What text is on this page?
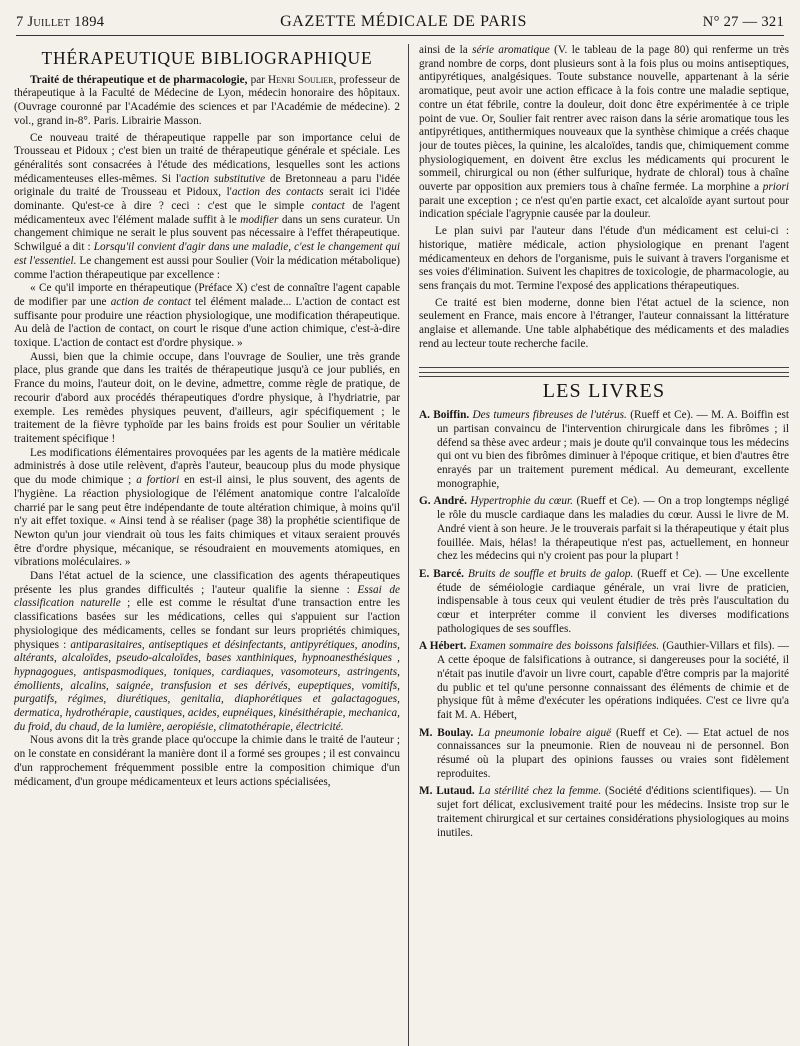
7 Juillet 1894	GAZETTE MÉDICALE DE PARIS	N° 27 — 321
THÉRAPEUTIQUE BIBLIOGRAPHIQUE

Traité de thérapeutique et de pharmacologie, par Henri Soulier, professeur de thérapeutique à la Faculté de Médecine de Lyon, médecin honoraire des hôpitaux. (Ouvrage couronné par l'Académie des sciences et par l'Académie de médecine). 2 vol., grand in-8°. Paris. Librairie Masson.

Ce nouveau traité de thérapeutique rappelle par son importance celui de Trousseau et Pidoux ; c'est bien un traité de thérapeutique générale et spéciale. Les généralités sont consacrées à l'étude des médications, lesquelles sont les actions médicamenteuses elles-mêmes. Si l'action substitutive de Bretonneau a paru l'idée originale du traité de Trousseau et Pidoux, l'action des contacts serait ici l'idée dominante. Qu'est-ce à dire ? ceci : c'est que le simple contact de l'agent médicamenteux avec l'élément malade suffit à le modifier dans un sens curateur. Un changement chimique ne serait le plus souvent pas nécessaire à l'effet thérapeutique. Schwilgué a dit : Lorsqu'il convient d'agir dans une maladie, c'est le changement qui est l'essentiel. Le changement est aussi pour Soulier (Voir la médication métabolique) comme l'action thérapeutique par excellence :

« Ce qu'il importe en thérapeutique (Préface X) c'est de connaître l'agent capable de modifier par une action de contact tel élément malade... L'action de contact est suffisante pour produire une réaction physiologique, une modification thérapeutique. Au delà de l'action de contact, on court le risque d'une action chimique, c'est-à-dire toxique. L'action de contact est d'ordre physique. »

Aussi, bien que la chimie occupe, dans l'ouvrage de Soulier, une très grande place, plus grande que dans les traités de thérapeutique jusqu'à ce jour publiés, en France du moins, l'auteur doit, on le devine, admettre, comme règle de pratique, de recourir d'abord aux procédés thérapeutiques d'ordre physique, à l'hydriatrie, par exemple. Les remèdes physiques peuvent, d'ailleurs, agir spécifiquement ; le traitement de la fièvre typhoïde par les bains froids est pour Soulier un véritable traitement spécifique !

Les modifications élémentaires provoquées par les agents de la matière médicale administrés à dose utile relèvent, d'après l'auteur, beaucoup plus du mode physique que du mode chimique ; a fortiori en est-il ainsi, le plus souvent, des agents de l'hygiène. La réaction physiologique de l'élément anatomique contre l'alcaloïde charrié par le sang peut être indépendante de toute altération chimique, à moins qu'il n'y ait effet toxique. « Ainsi tend à se réaliser (page 38) la prophétie scientifique de Newton qu'un jour viendrait où tous les faits chimiques et vitaux seraient prouvés être d'ordre physique, mécanique, se résoudraient en mouvements atomiques, en vibrations moléculaires. »

Dans l'état actuel de la science, une classification des agents thérapeutiques présente les plus grandes difficultés ; l'auteur qualifie la sienne : Essai de classification naturelle ; elle est comme le résultat d'une transaction entre les classifications basées sur les médications, celles qui s'appuient sur l'action physiologique des médicaments, celles se fondant sur leurs propriétés chimiques, physiques : antiparasitaires, antiseptiques et désinfectants, antipyrétiques, anodins, altérants, alcaloïdes, pseudo-alcaloïdes, bases xanthiniques, hypnoanesthésiques , hypnagogues, antispasmodiques, toniques, cardiaques, vasomoteurs, astringents, émollients, alcalins, saignée, transfusion et ses dérivés, eupeptiques, vomitifs, purgatifs, régimes, diurétiques, genitalia, diaphorétiques et galactagogues, dermatica, hydrothérapie, caustiques, acides, eupnéiques, kinésithérapie, mechanica, du froid, du chaud, de la lumière, aeropiésie, climatothérapie, électricité.

Nous avons dit la très grande place qu'occupe la chimie dans le traité de l'auteur ; on le constate en considérant la manière dont il a formé ses groupes ; il est convaincu d'un rapprochement fréquemment possible entre la composition chimique d'un médicament, d'un groupe médicamenteux et leurs actions spécialisées,

ainsi de la série aromatique (V. le tableau de la page 80) qui renferme un très grand nombre de corps, dont plusieurs sont à la fois plus ou moins antiseptiques, antipyrétiques, analgésiques. Toute substance nouvelle, appartenant à la série aromatique, peut avoir une action efficace à la fois contre une maladie septique, contre un état fébrile, contre la douleur, doit donc être expérimentée à ce triple point de vue. Or, Soulier fait rentrer avec raison dans la série aromatique tous les antipyrétiques, antithermiques nouveaux que la synthèse chimique a créés chaque jour de toutes pièces, la quinine, les alcaloïdes, tandis que, chimiquement comme physiologiquement, en doivent être exclus les médicaments qui procurent le sommeil, chirurgical ou non (éther sulfurique, hydrate de chloral) tous à chaîne ouverte par opposition aux premiers tous à chaîne fermée. La morphine a priori parait une exception ; ce n'est qu'en partie exact, cet alcaloïde ayant surtout pour indication spéciale l'agrypnie causée par la douleur.

Le plan suivi par l'auteur dans l'étude d'un médicament est celui-ci : historique, matière médicale, action physiologique en prenant l'agent médicamenteux en dehors de l'organisme, puis le suivant à travers l'organisme et ses voies d'élimination. Suivent les chapitres de toxicologie, de pharmacologie, au sens français du mot. Termine l'exposé des applications thérapeutiques.

Ce traité est bien moderne, donne bien l'état actuel de la science, non seulement en France, mais encore à l'étranger, l'auteur connaissant la littérature anglaise et allemande. Une table alphabétique des médicaments et des maladies rend au lecteur toute recherche facile.

LES LIVRES

A. Boiffin. Des tumeurs fibreuses de l'utérus. (Rueff et Ce). — M. A. Boiffin est un partisan convaincu de l'intervention chirurgicale dans les fibrômes ; il défend sa thèse avec ardeur ; mais je doute qu'il convainque tous les médecins qui ont vu bien des fibrômes diminuer à l'époque critique, et bien d'autres être enrayés par un traitement purement médical. Au demeurant, excellente monographie,

G. André. Hypertrophie du cœur. (Rueff et Ce). — On a trop longtemps négligé le rôle du muscle cardiaque dans les maladies du cœur. Aussi le livre de M. André vient à son heure. Je le trouverais parfait si la thérapeutique y était plus fouillée. Mais, hélas! la thérapeutique n'est pas, actuellement, en honneur chez les médecins qui n'y croient pas pour la plupart !

E. Barcé. Bruits de souffle et bruits de galop. (Rueff et Ce). — Une excellente étude de séméiologie cardiaque générale, un vrai livre de praticien, indispensable à tous ceux qui veulent étudier de très près l'auscultation du cœur et interpréter comme il convient les diverses modifications pathologiques de ses souffles.

A Hébert. Examen sommaire des boissons falsifiées. (Gauthier-Villars et fils). — A cette époque de falsifications à outrance, si dangereuses pour la société, il n'était pas inutile d'avoir un livre court, capable d'être compris par la majorité du public et tel qu'une personne connaissant des éléments de chimie et de physique fût à même d'exécuter les opérations indiquées. C'est ce livre qu'a fait M. A. Hébert,

M. Boulay. La pneumonie lobaire aiguë (Rueff et Ce). — Etat actuel de nos connaissances sur la pneumonie. Rien de nouveau ni de personnel. Bon résumé où la plupart des opinions fausses ou vraies sont fidèlement reproduites.

M. Lutaud. La stérilité chez la femme. (Société d'éditions scientifiques). — Un sujet fort délicat, exclusivement traité pour les médecins. Insiste trop sur le traitement chirurgical et sur certaines considérations physiologiques au moins inutiles.
